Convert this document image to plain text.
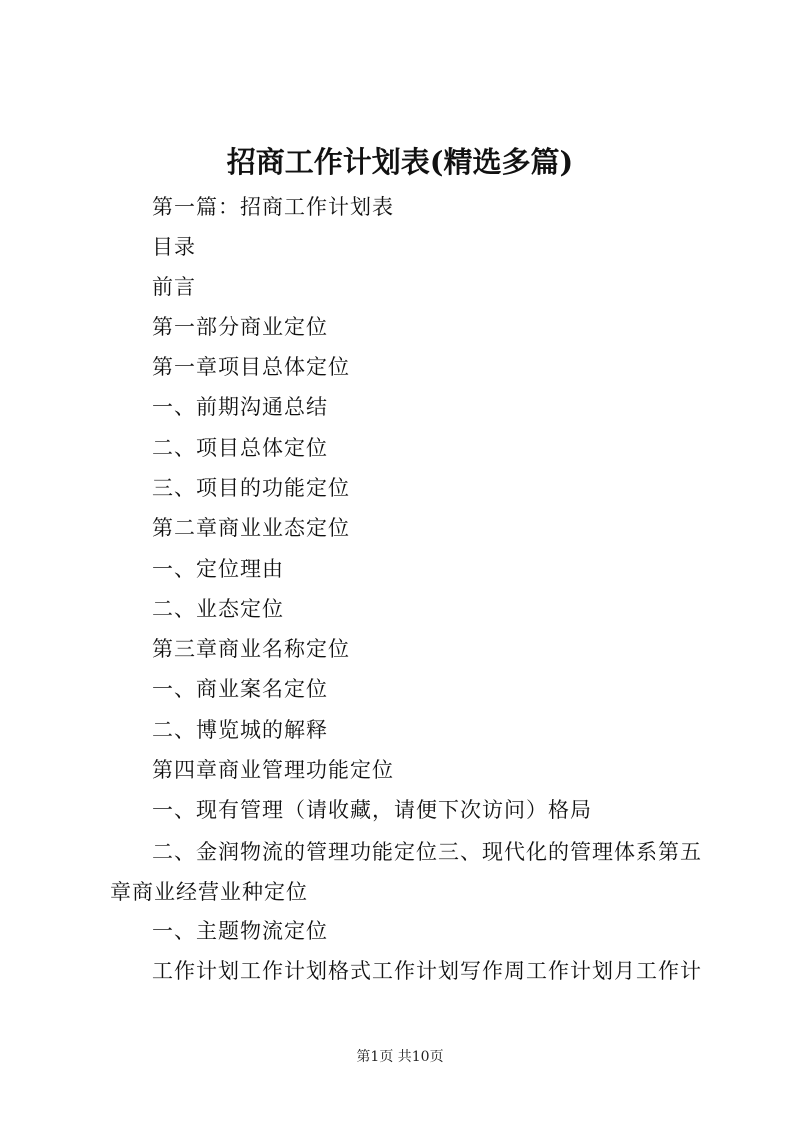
招商工作计划表(精选多篇)
第一篇：招商工作计划表
目录
前言
第一部分商业定位
第一章项目总体定位
一、前期沟通总结
二、项目总体定位
三、项目的功能定位
第二章商业业态定位
一、定位理由
二、业态定位
第三章商业名称定位
一、商业案名定位
二、博览城的解释
第四章商业管理功能定位
一、现有管理（请收藏，请便下次访问）格局
二、金润物流的管理功能定位三、现代化的管理体系第五章商业经营业种定位
一、主题物流定位
工作计划工作计划格式工作计划写作周工作计划月工作计
第1页 共10页
